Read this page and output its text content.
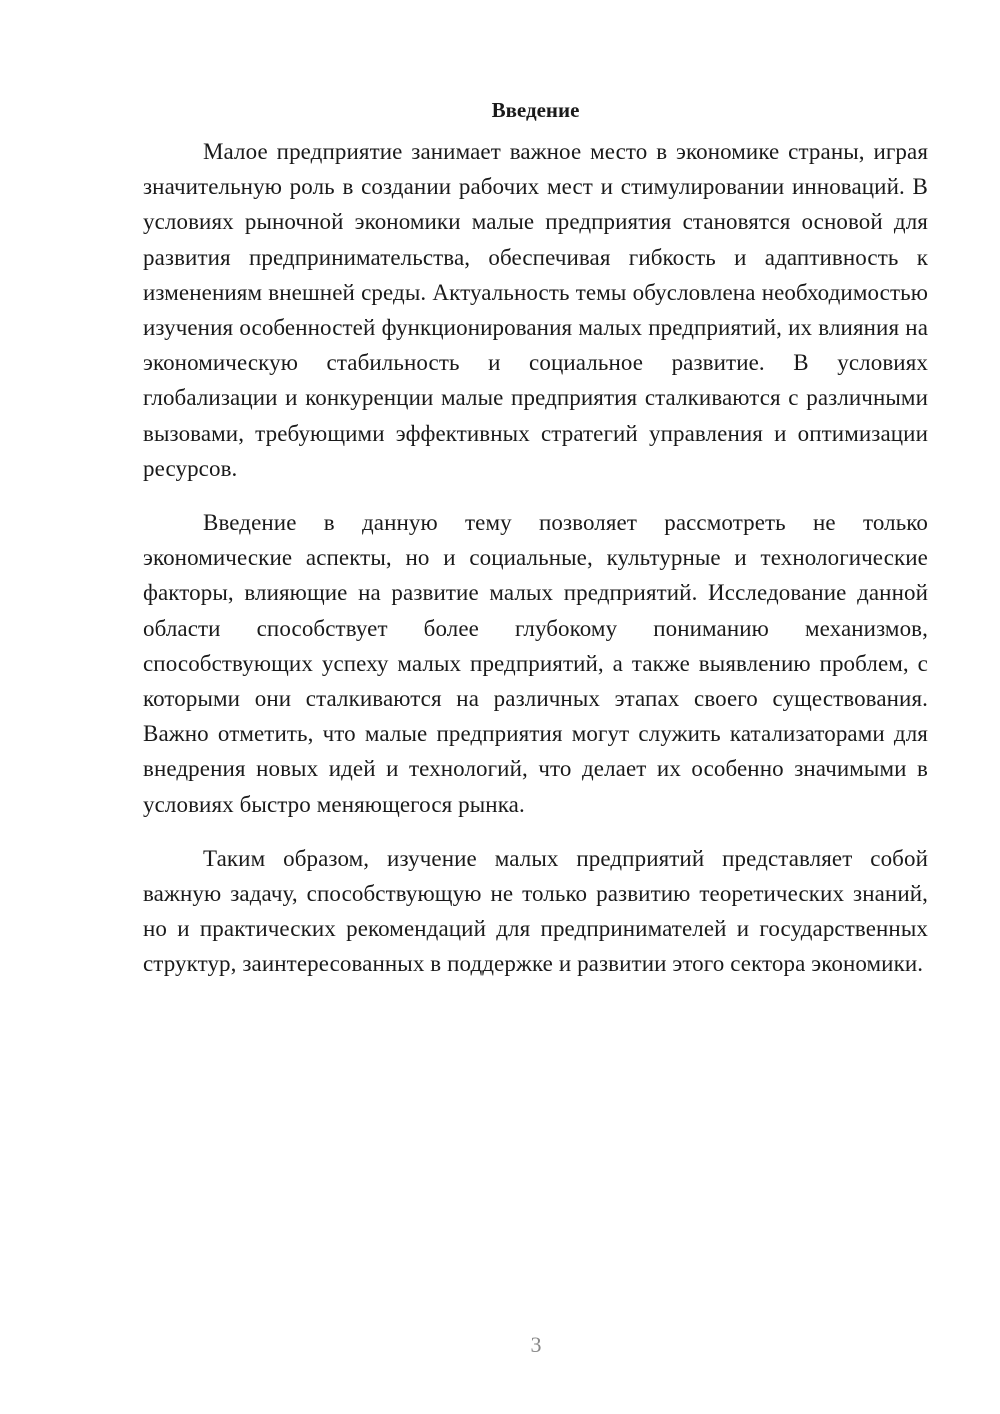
Введение

Малое предприятие занимает важное место в экономике страны, играя значительную роль в создании рабочих мест и стимулировании инноваций. В условиях рыночной экономики малые предприятия становятся основой для развития предпринимательства, обеспечивая гибкость и адаптивность к изменениям внешней среды. Актуальность темы обусловлена необходимостью изучения особенностей функционирования малых предприятий, их влияния на экономическую стабильность и социальное развитие. В условиях глобализации и конкуренции малые предприятия сталкиваются с различными вызовами, требующими эффективных стратегий управления и оптимизации ресурсов.

Введение в данную тему позволяет рассмотреть не только экономические аспекты, но и социальные, культурные и технологические факторы, влияющие на развитие малых предприятий. Исследование данной области способствует более глубокому пониманию механизмов, способствующих успеху малых предприятий, а также выявлению проблем, с которыми они сталкиваются на различных этапах своего существования. Важно отметить, что малые предприятия могут служить катализаторами для внедрения новых идей и технологий, что делает их особенно значимыми в условиях быстро меняющегося рынка.

Таким образом, изучение малых предприятий представляет собой важную задачу, способствующую не только развитию теоретических знаний, но и практических рекомендаций для предпринимателей и государственных структур, заинтересованных в поддержке и развитии этого сектора экономики.

3
